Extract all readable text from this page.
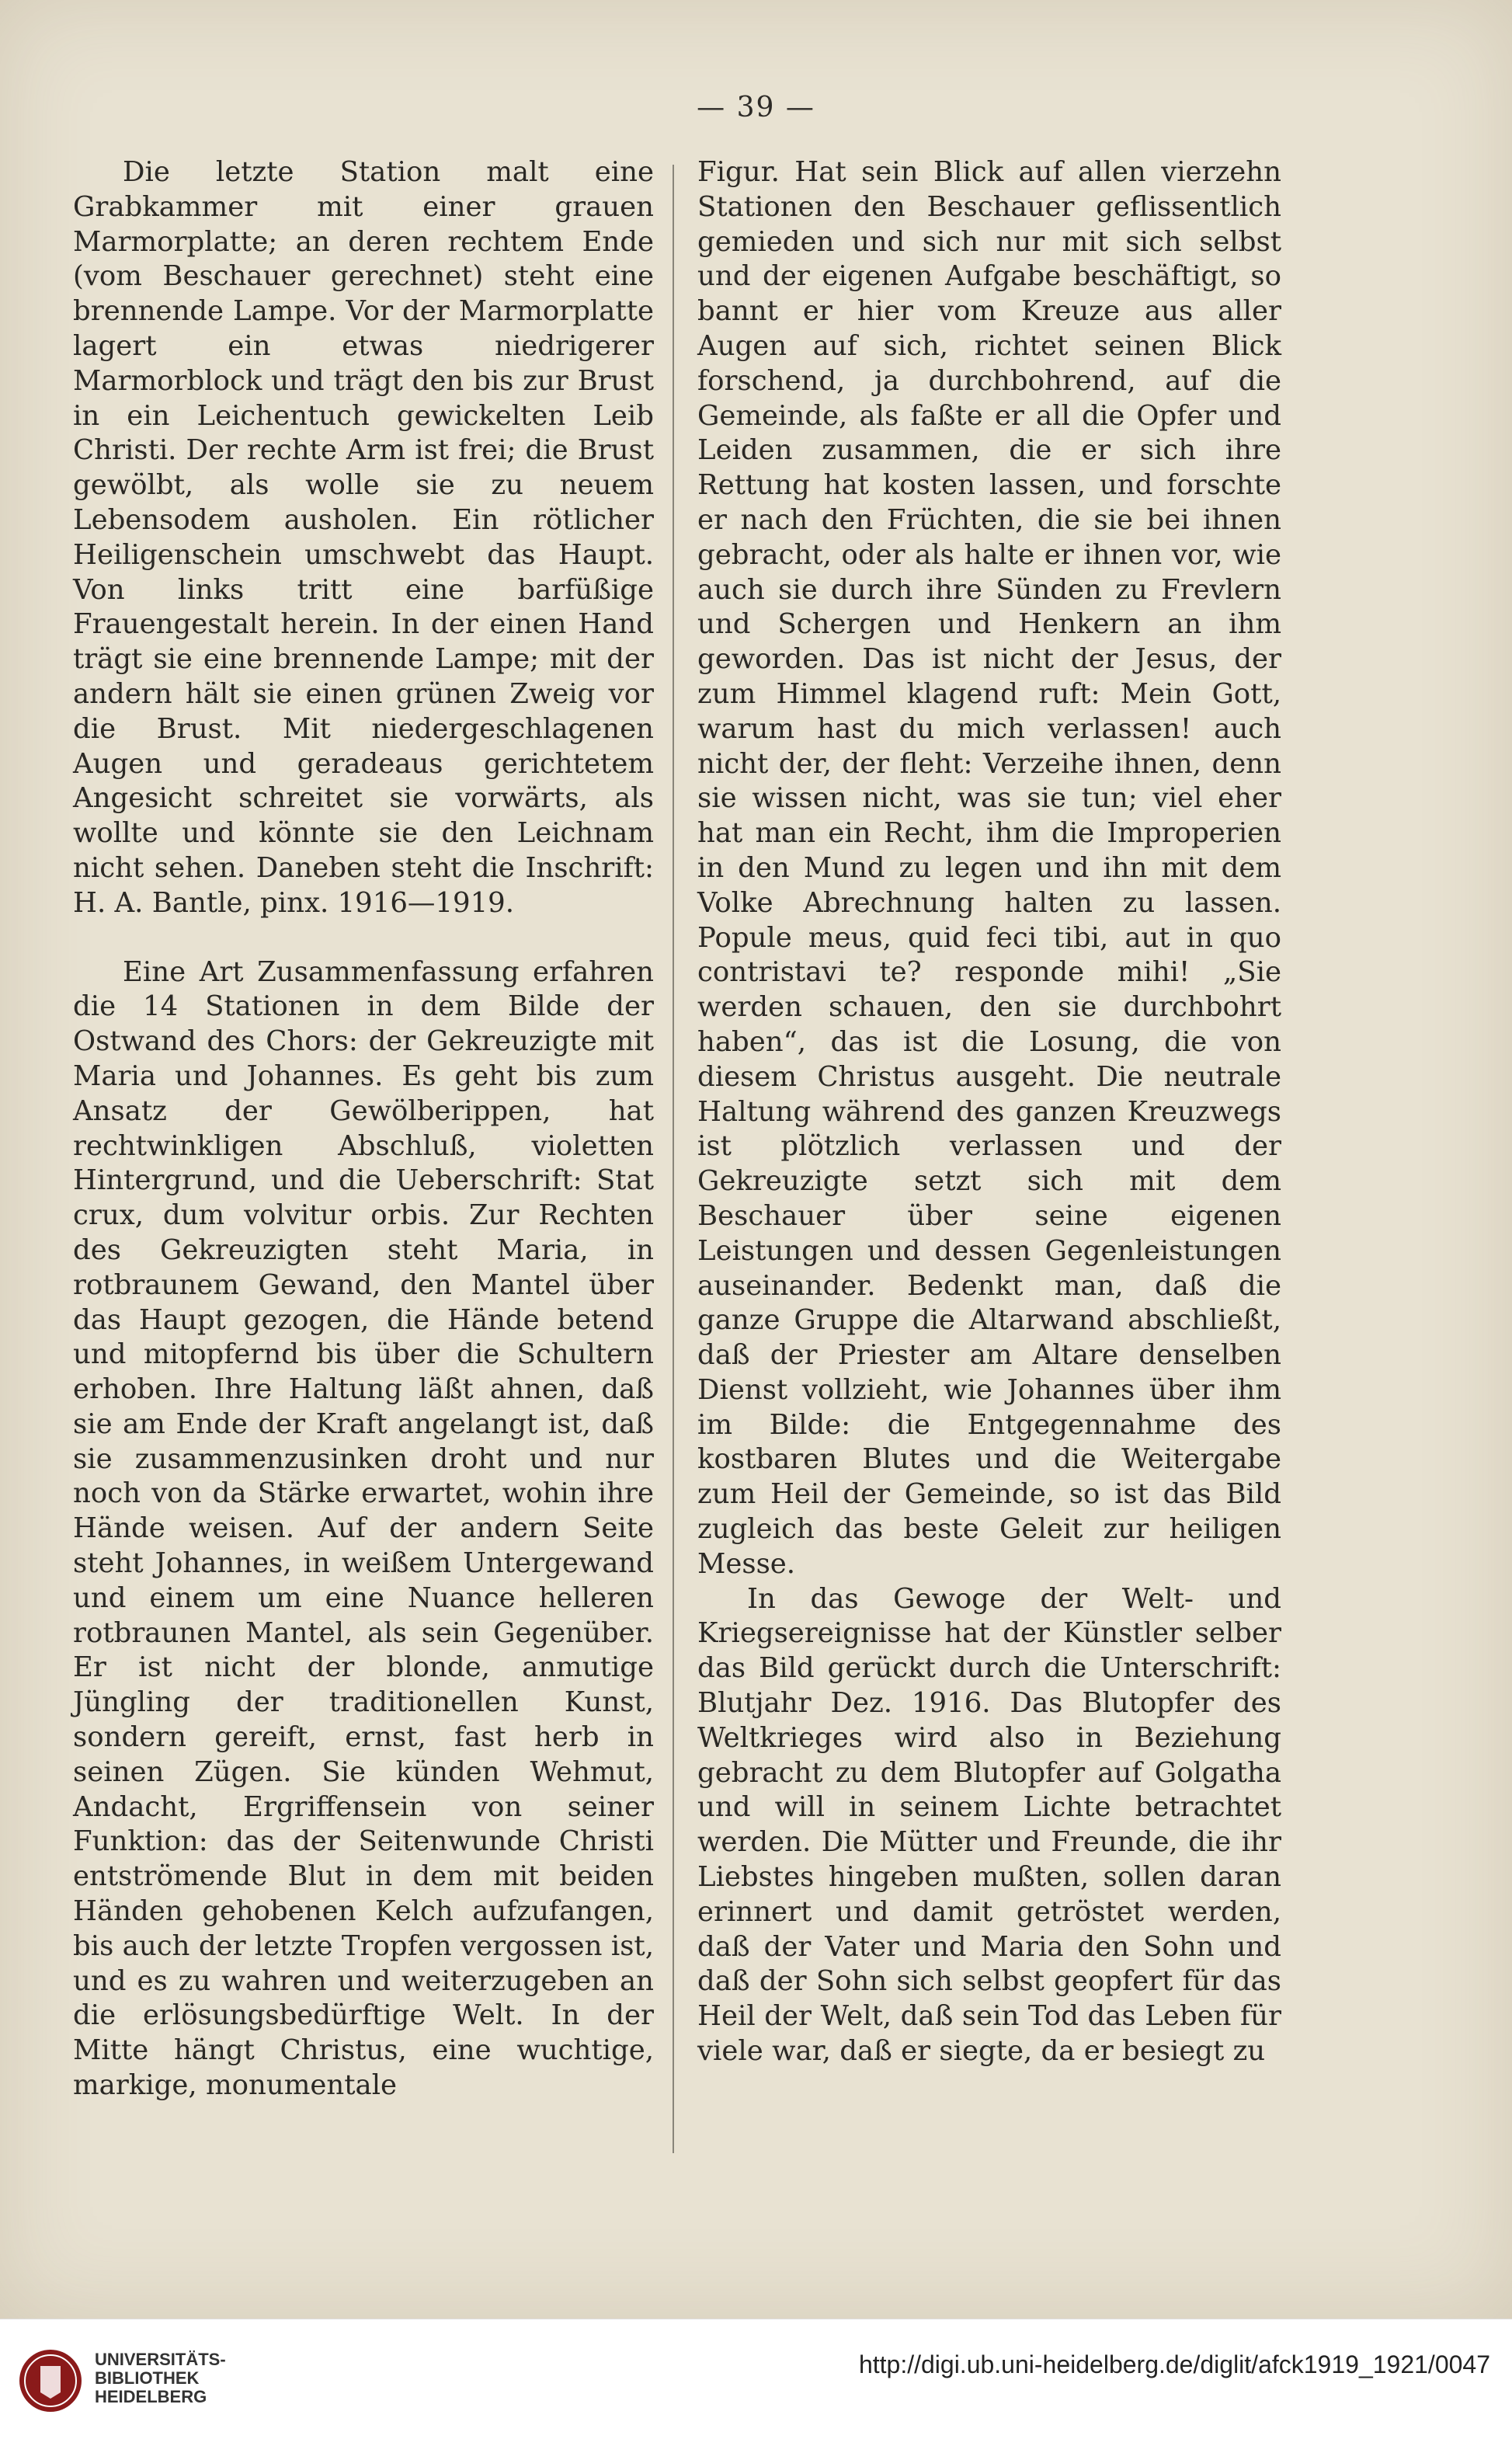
— 39 —

Die letzte Station malt eine Grabkammer mit einer grauen Marmorplatte; an deren rechtem Ende (vom Beschauer gerechnet) steht eine brennende Lampe. Vor der Marmorplatte lagert ein etwas niedrigerer Marmorblock und trägt den bis zur Brust in ein Leichentuch gewickelten Leib Christi. Der rechte Arm ist frei; die Brust gewölbt, als wolle sie zu neuem Lebensodem ausholen. Ein rötlicher Heiligenschein umschwebt das Haupt. Von links tritt eine barfüßige Frauengestalt herein. In der einen Hand trägt sie eine brennende Lampe; mit der andern hält sie einen grünen Zweig vor die Brust. Mit niedergeschlagenen Augen und geradeaus gerichtetem Angesicht schreitet sie vorwärts, als wollte und könnte sie den Leichnam nicht sehen. Daneben steht die Inschrift: H. A. Bantle, pinx. 1916—1919.

Eine Art Zusammenfassung erfahren die 14 Stationen in dem Bilde der Ostwand des Chors: der Gekreuzigte mit Maria und Johannes. Es geht bis zum Ansatz der Gewölberippen, hat rechtwinkligen Abschluß, violetten Hintergrund, und die Ueberschrift: Stat crux, dum volvitur orbis. Zur Rechten des Gekreuzigten steht Maria, in rotbraunem Gewand, den Mantel über das Haupt gezogen, die Hände betend und mitopfernd bis über die Schultern erhoben. Ihre Haltung läßt ahnen, daß sie am Ende der Kraft angelangt ist, daß sie zusammenzusinken droht und nur noch von da Stärke erwartet, wohin ihre Hände weisen. Auf der andern Seite steht Johannes, in weißem Untergewand und einem um eine Nuance helleren rotbraunen Mantel, als sein Gegenüber. Er ist nicht der blonde, anmutige Jüngling der traditionellen Kunst, sondern gereift, ernst, fast herb in seinen Zügen. Sie künden Wehmut, Andacht, Ergriffensein von seiner Funktion: das der Seitenwunde Christi entströmende Blut in dem mit beiden Händen gehobenen Kelch aufzufangen, bis auch der letzte Tropfen vergossen ist, und es zu wahren und weiterzugeben an die erlösungsbedürftige Welt. In der Mitte hängt Christus, eine wuchtige, markige, monumentale

Figur. Hat sein Blick auf allen vierzehn Stationen den Beschauer geflissentlich gemieden und sich nur mit sich selbst und der eigenen Aufgabe beschäftigt, so bannt er hier vom Kreuze aus aller Augen auf sich, richtet seinen Blick forschend, ja durchbohrend, auf die Gemeinde, als faßte er all die Opfer und Leiden zusammen, die er sich ihre Rettung hat kosten lassen, und forschte er nach den Früchten, die sie bei ihnen gebracht, oder als halte er ihnen vor, wie auch sie durch ihre Sünden zu Frevlern und Schergen und Henkern an ihm geworden. Das ist nicht der Jesus, der zum Himmel klagend ruft: Mein Gott, warum hast du mich verlassen! auch nicht der, der fleht: Verzeihe ihnen, denn sie wissen nicht, was sie tun; viel eher hat man ein Recht, ihm die Improperien in den Mund zu legen und ihn mit dem Volke Abrechnung halten zu lassen. Popule meus, quid feci tibi, aut in quo contristavi te? responde mihi! „Sie werden schauen, den sie durchbohrt haben“, das ist die Losung, die von diesem Christus ausgeht. Die neutrale Haltung während des ganzen Kreuzwegs ist plötzlich verlassen und der Gekreuzigte setzt sich mit dem Beschauer über seine eigenen Leistungen und dessen Gegenleistungen auseinander. Bedenkt man, daß die ganze Gruppe die Altarwand abschließt, daß der Priester am Altare denselben Dienst vollzieht, wie Johannes über ihm im Bilde: die Entgegennahme des kostbaren Blutes und die Weitergabe zum Heil der Gemeinde, so ist das Bild zugleich das beste Geleit zur heiligen Messe.

In das Gewoge der Welt- und Kriegsereignisse hat der Künstler selber das Bild gerückt durch die Unterschrift: Blutjahr Dez. 1916. Das Blutopfer des Weltkrieges wird also in Beziehung gebracht zu dem Blutopfer auf Golgatha und will in seinem Lichte betrachtet werden. Die Mütter und Freunde, die ihr Liebstes hingeben mußten, sollen daran erinnert und damit getröstet werden, daß der Vater und Maria den Sohn und daß der Sohn sich selbst geopfert für das Heil der Welt, daß sein Tod das Leben für viele war, daß er siegte, da er besiegt zu

UNIVERSITÄTS-
BIBLIOTHEK
HEIDELBERG
http://digi.ub.uni-heidelberg.de/diglit/afck1919_1921/0047
